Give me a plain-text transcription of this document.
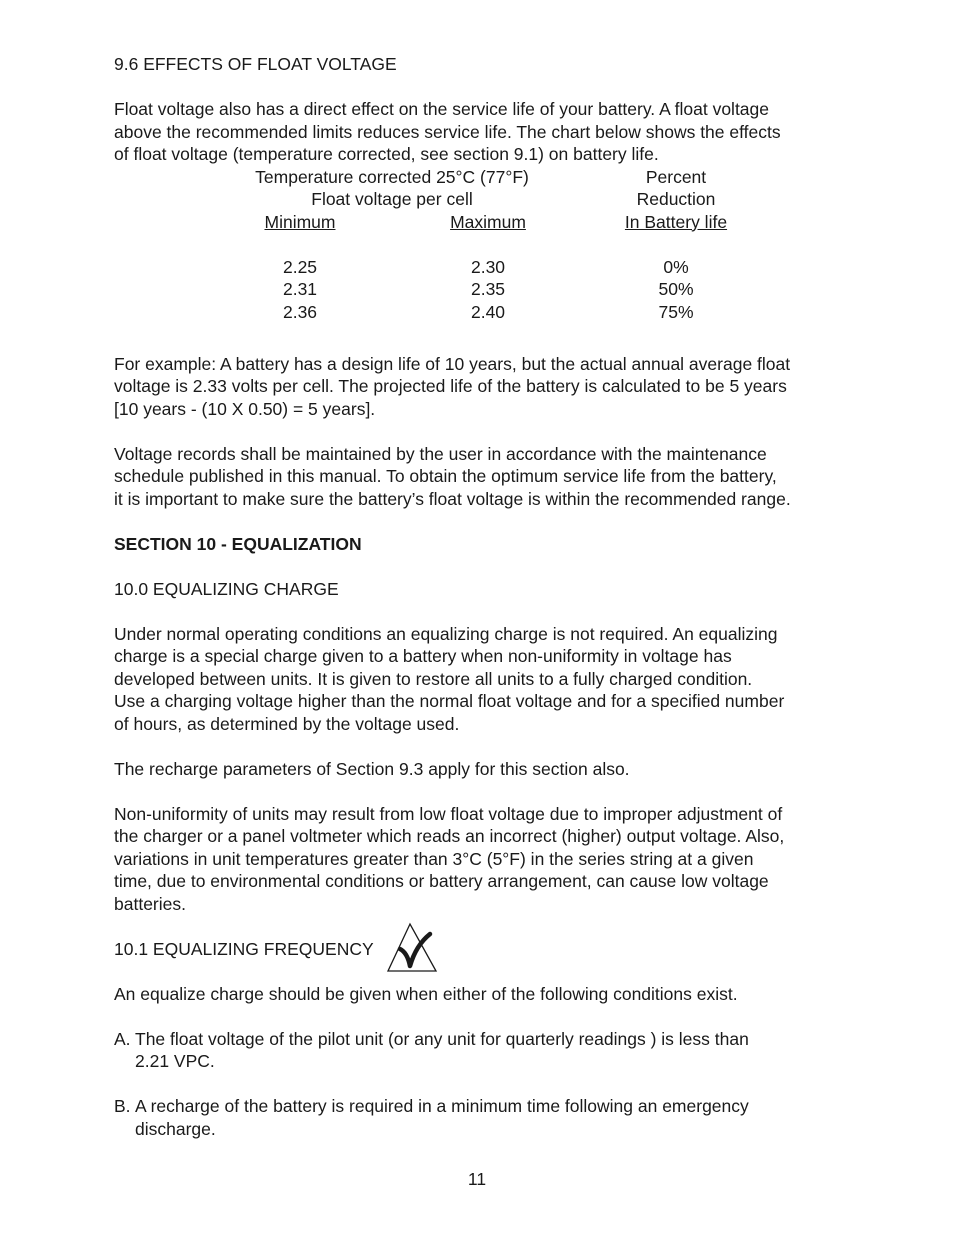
9.6 EFFECTS OF FLOAT VOLTAGE

Float voltage also has a direct effect on the service life of your battery. A float voltage

above the recommended limits reduces service life. The chart below shows the effects

of float voltage (temperature corrected, see section 9.1) on battery life.

Temperature corrected 25°C (77°F)
Float voltage per cell
Percent
Reduction
Minimum	Maximum	In Battery life
2.25	2.30	0%
2.31	2.35	50%
2.36	2.40	75%

For example: A battery has a design life of 10 years, but the actual annual average float

voltage is 2.33 volts per cell. The projected life of the battery is calculated to be 5 years

[10 years - (10 X 0.50) = 5 years].

Voltage records shall be maintained by the user in accordance with the maintenance

schedule published in this manual. To obtain the optimum service life from the battery,

it is important to make sure the battery’s float voltage is within the recommended range.

SECTION 10 - EQUALIZATION

10.0 EQUALIZING CHARGE

Under normal operating conditions an equalizing charge is not required. An equalizing

charge is a special charge given to a battery when non-uniformity in voltage has

developed between units. It is given to restore all units to a fully charged condition.

Use a charging voltage higher than the normal float voltage and for a specified number

of hours, as determined by the voltage used.

The recharge parameters of Section 9.3 apply for this section also.

Non-uniformity of units may result from low float voltage due to improper adjustment of

the charger or a panel voltmeter which reads an incorrect (higher) output voltage. Also,

variations in unit temperatures greater than 3°C (5°F) in the series string at a given

time, due to environmental conditions or battery arrangement, can cause low voltage

batteries.

10.1 EQUALIZING FREQUENCY

An equalize charge should be given when either of the following conditions exist.

A. The float voltage of the pilot unit (or any unit for quarterly readings ) is less than

2.21 VPC.

B. A recharge of the battery is required in a minimum time following an emergency

discharge.

11
